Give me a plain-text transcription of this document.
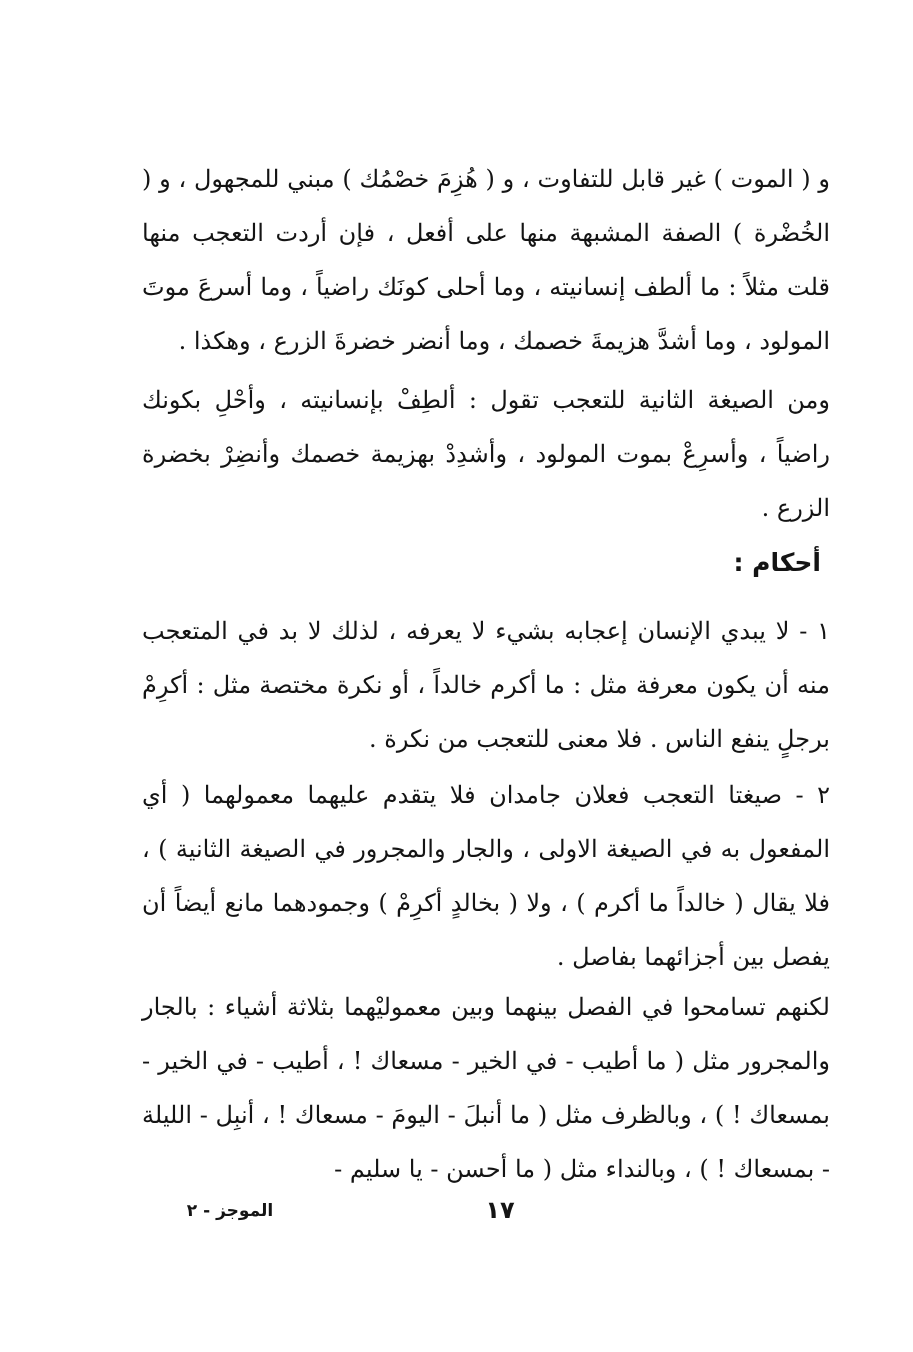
و ( الموت ) غير قابل للتفاوت ، و ( هُزِمَ خصْمُك ) مبني للمجهول ، و ( الخُضْرة ) الصفة المشبهة منها على أفعل ، فإن أردت التعجب منها قلت مثلاً : ما ألطف إنسانيته ، وما أحلى كونَك راضياً ، وما أسرعَ موتَ المولود ، وما أشدَّ هزيمةَ خصمك ، وما أنضر خضرةَ الزرع ، وهكذا .
ومن الصيغة الثانية للتعجب تقول : ألطِفْ بإنسانيته ، وأحْلِ بكونك راضياً ، وأسرِعْ بموت المولود ، وأشدِدْ بهزيمة خصمك وأنضِرْ بخضرة الزرع .
أحكام :
١ - لا يبدي الإنسان إعجابه بشيء لا يعرفه ، لذلك لا بد في المتعجب منه أن يكون معرفة مثل : ما أكرم خالداً ، أو نكرة مختصة مثل : أكرِمْ برجلٍ ينفع الناس . فلا معنى للتعجب من نكرة .
٢ - صيغتا التعجب فعلان جامدان فلا يتقدم عليهما معمولهما ( أي المفعول به في الصيغة الاولى ، والجار والمجرور في الصيغة الثانية ) ، فلا يقال ( خالداً ما أكرم ) ، ولا ( بخالدٍ أكرِمْ ) وجمودهما مانع أيضاً أن يفصل بين أجزائهما بفاصل .
لكنهم تسامحوا في الفصل بينهما وبين معموليْهما بثلاثة أشياء : بالجار والمجرور مثل ( ما أطيب - في الخير - مسعاك ! ، أطيب - في الخير - بمسعاك ! ) ، وبالظرف مثل ( ما أنبلَ - اليومَ - مسعاك ! ، أنبِل - الليلة - بمسعاك ! ) ، وبالنداء مثل ( ما أحسن - يا سليم -
١٧
الموجز - ٢
